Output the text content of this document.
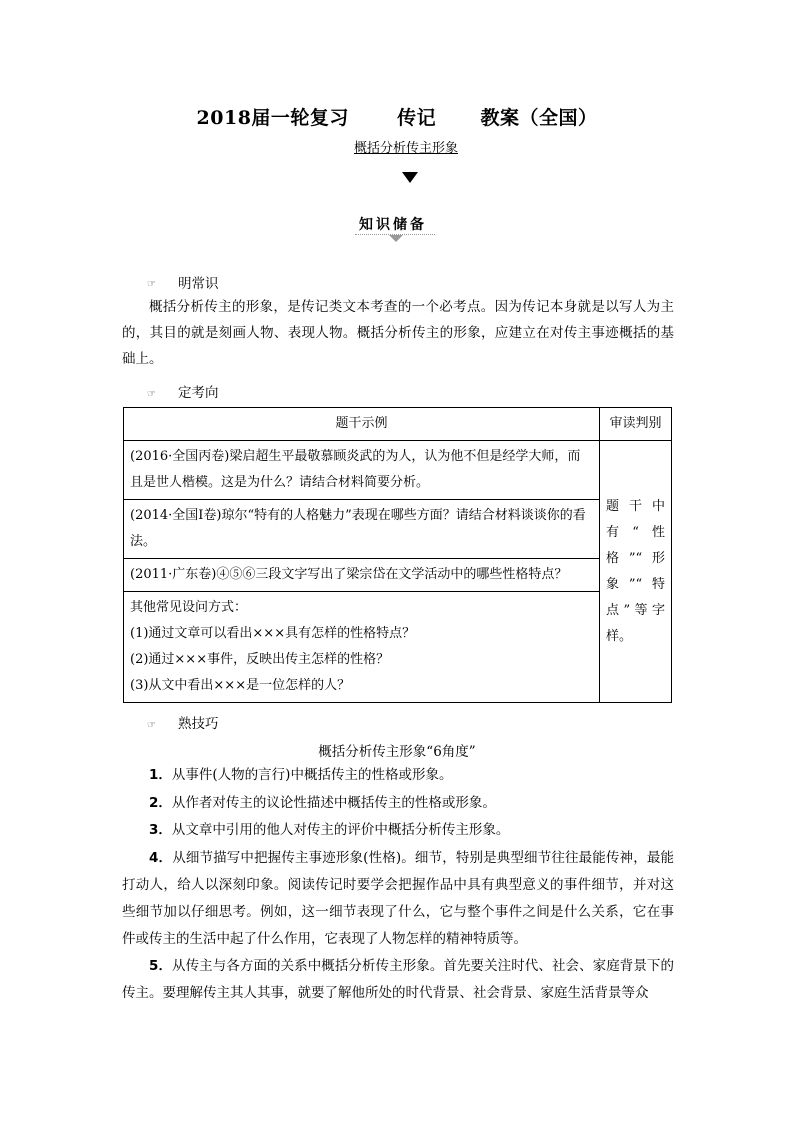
2018届一轮复习	传记 教案（全国）
概括分析传主形象
知识储备
☞ 明常识
概括分析传主的形象，是传记类文本考查的一个必考点。因为传记本身就是以写人为主的，其目的就是刻画人物、表现人物。概括分析传主的形象，应建立在对传主事迹概括的基础上。
☞ 定考向
题干示例	审读判别
(2016·全国丙卷)梁启超生平最敬慕顾炎武的为人，认为他不但是经学大师，而且是世人楷模。这是为什么？请结合材料简要分析。	题干中有“性格”“形象”“特点”等字样。
(2014·全国Ⅰ卷)琼尔“特有的人格魅力”表现在哪些方面？请结合材料谈谈你的看法。	
(2011·广东卷)④⑤⑥三段文字写出了梁宗岱在文学活动中的哪些性格特点？	

其他常见设问方式：
(1)通过文章可以看出×××具有怎样的性格特点？
(2)通过×××事件，反映出传主怎样的性格？
(3)从文中看出×××是一位怎样的人？	
☞ 熟技巧
概括分析传主形象“6角度”
1．从事件(人物的言行)中概括传主的性格或形象。
2．从作者对传主的议论性描述中概括传主的性格或形象。
3．从文章中引用的他人对传主的评价中概括分析传主形象。
4．从细节描写中把握传主事迹形象(性格)。细节，特别是典型细节往往最能传神，最能打动人，给人以深刻印象。阅读传记时要学会把握作品中具有典型意义的事件细节，并对这些细节加以仔细思考。例如，这一细节表现了什么，它与整个事件之间是什么关系，它在事件或传主的生活中起了什么作用，它表现了人物怎样的精神特质等。
5．从传主与各方面的关系中概括分析传主形象。首先要关注时代、社会、家庭背景下的传主。要理解传主其人其事，就要了解他所处的时代背景、社会背景、家庭生活背景等众
